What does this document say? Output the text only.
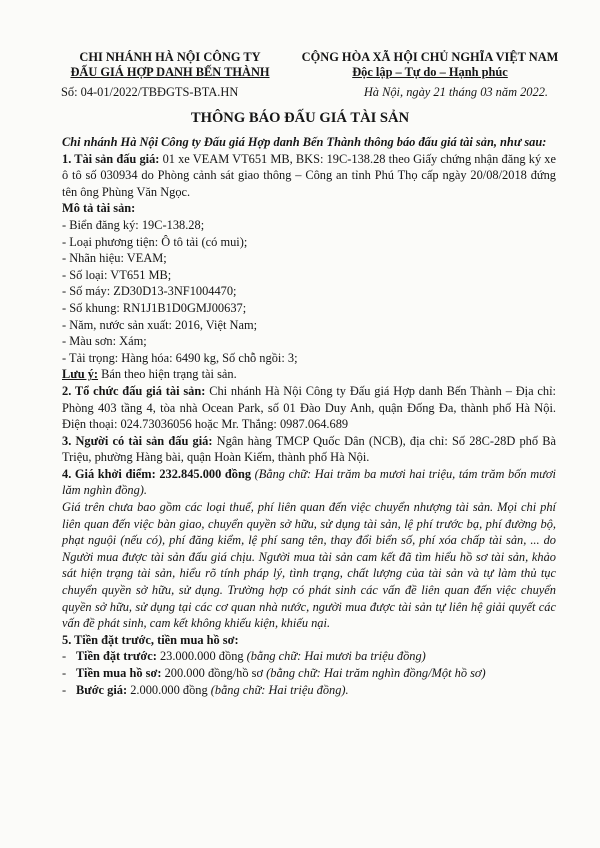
CHI NHÁNH HÀ NỘI CÔNG TY
ĐẤU GIÁ HỢP DANH BẾN THÀNH
CỘNG HÒA XÃ HỘI CHỦ NGHĨA VIỆT NAM
Độc lập – Tự do – Hạnh phúc
Số: 04-01/2022/TBĐGTS-BTA.HN	Hà Nội, ngày 21 tháng 03 năm 2022.
THÔNG BÁO ĐẤU GIÁ TÀI SẢN

Chi nhánh Hà Nội Công ty Đấu giá Hợp danh Bến Thành thông báo đấu giá tài sản, như sau:

1. Tài sản đấu giá: 01 xe VEAM VT651 MB, BKS: 19C-138.28 theo Giấy chứng nhận đăng ký xe ô tô số 030934 do Phòng cảnh sát giao thông – Công an tỉnh Phú Thọ cấp ngày 20/08/2018 đứng tên ông Phùng Văn Ngọc.

Mô tả tài sản:

- Biển đăng ký: 19C-138.28;

- Loại phương tiện: Ô tô tải (có mui);

- Nhãn hiệu: VEAM;

- Số loại: VT651 MB;

- Số máy: ZD30D13-3NF1004470;

- Số khung: RN1J1B1D0GMJ00637;

- Năm, nước sản xuất: 2016, Việt Nam;

- Màu sơn: Xám;

- Tải trọng: Hàng hóa: 6490 kg, Số chỗ ngồi: 3;

Lưu ý: Bán theo hiện trạng tài sản.

2. Tổ chức đấu giá tài sản: Chi nhánh Hà Nội Công ty Đấu giá Hợp danh Bến Thành – Địa chỉ: Phòng 403 tầng 4, tòa nhà Ocean Park, số 01 Đào Duy Anh, quận Đống Đa, thành phố Hà Nội. Điện thoại: 024.73036056 hoặc Mr. Thắng: 0987.064.689

3. Người có tài sản đấu giá: Ngân hàng TMCP Quốc Dân (NCB), địa chỉ: Số 28C-28D phố Bà Triệu, phường Hàng bài, quận Hoàn Kiếm, thành phố Hà Nội.

4. Giá khởi điểm: 232.845.000 đồng (Bằng chữ: Hai trăm ba mươi hai triệu, tám trăm bốn mươi lăm nghìn đồng).

Giá trên chưa bao gồm các loại thuế, phí liên quan đến việc chuyển nhượng tài sản. Mọi chi phí liên quan đến việc bàn giao, chuyển quyền sở hữu, sử dụng tài sản, lệ phí trước bạ, phí đường bộ, phạt nguội (nếu có), phí đăng kiểm, lệ phí sang tên, thay đổi biển số, phí xóa chấp tài sản, ... do Người mua được tài sản đấu giá chịu. Người mua tài sản cam kết đã tìm hiểu hồ sơ tài sản, khảo sát hiện trạng tài sản, hiểu rõ tính pháp lý, tình trạng, chất lượng của tài sản và tự làm thủ tục chuyển quyền sở hữu, sử dụng. Trường hợp có phát sinh các vấn đề liên quan đến việc chuyển quyền sở hữu, sử dụng tại các cơ quan nhà nước, người mua được tài sản tự liên hệ giải quyết các vấn đề phát sinh, cam kết không khiếu kiện, khiếu nại.

5. Tiền đặt trước, tiền mua hồ sơ:

- Tiền đặt trước: 23.000.000 đồng (bằng chữ: Hai mươi ba triệu đồng)

- Tiền mua hồ sơ: 200.000 đồng/hồ sơ (bằng chữ: Hai trăm nghìn đồng/Một hồ sơ)

- Bước giá: 2.000.000 đồng (bằng chữ: Hai triệu đồng).
